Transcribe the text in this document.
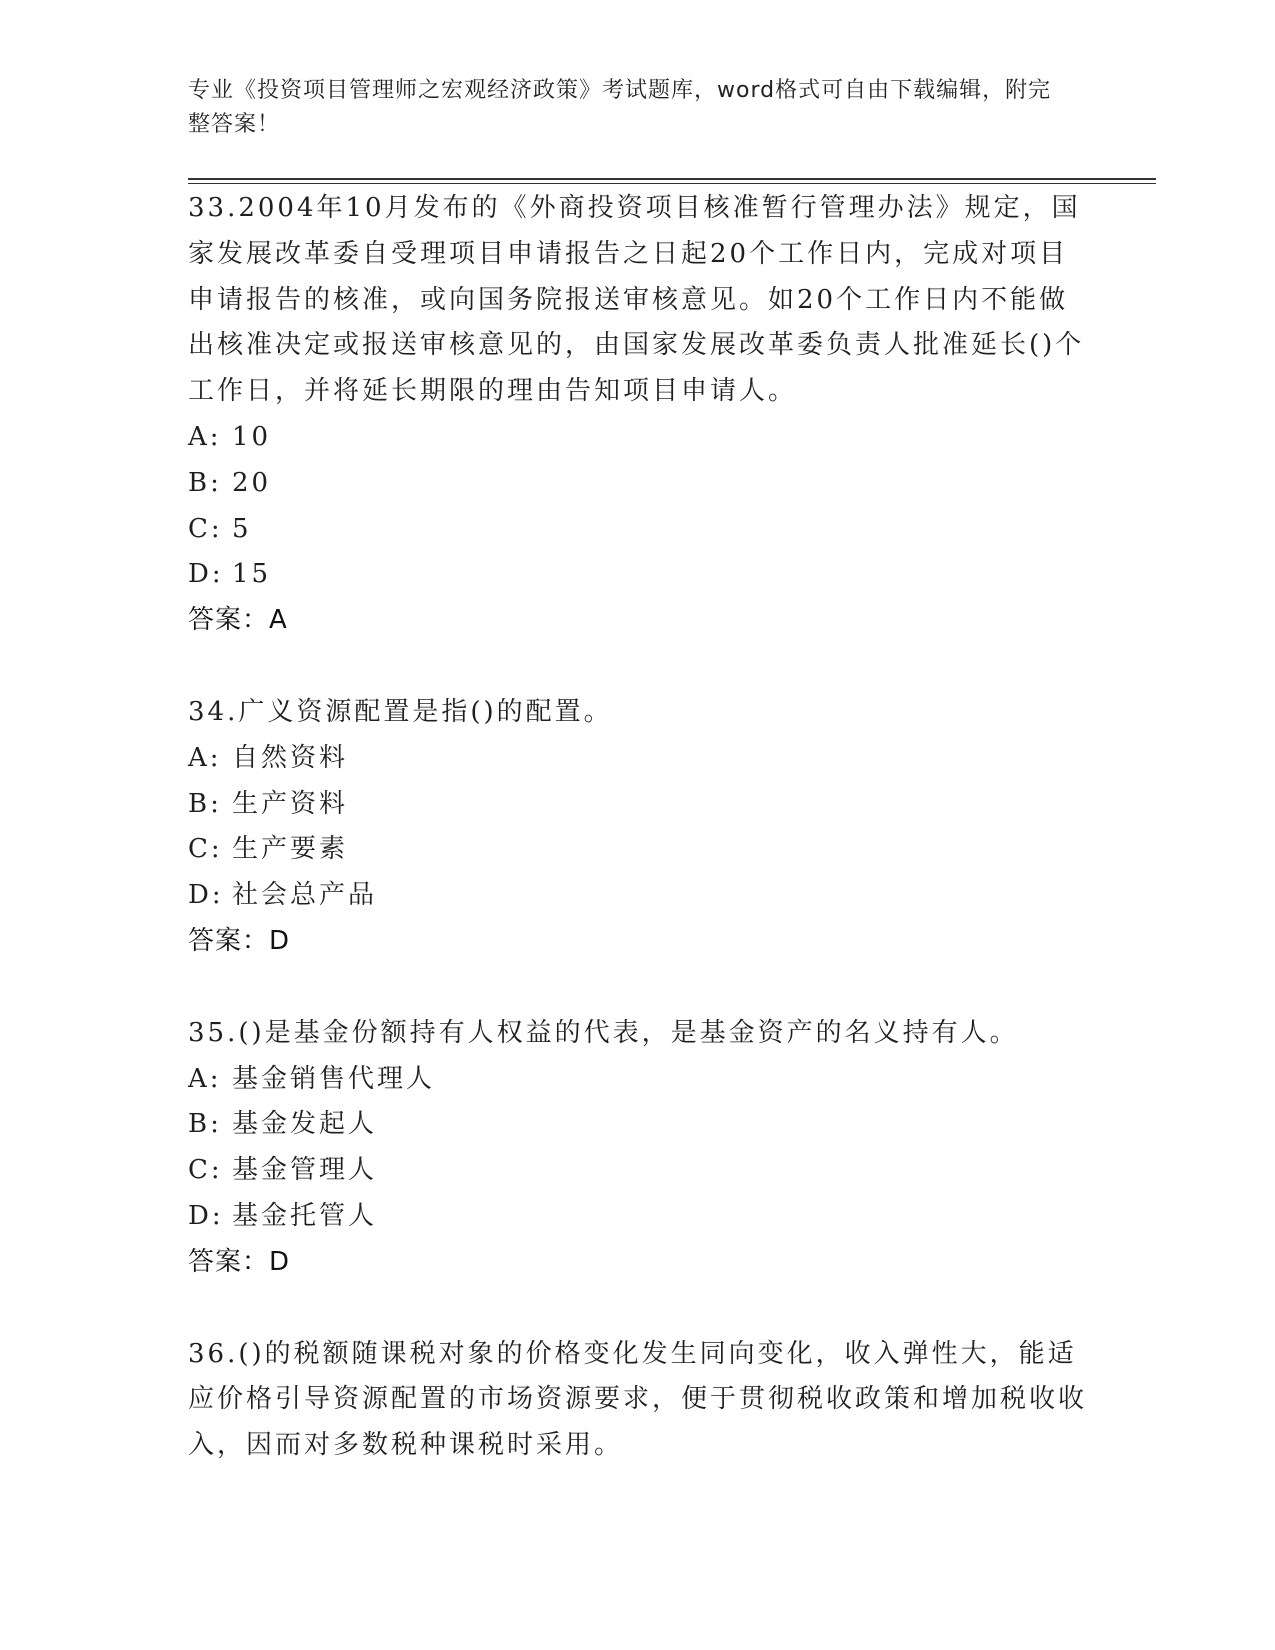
专业《投资项目管理师之宏观经济政策》考试题库，word格式可自由下载编辑，附完整答案！
33.2004年10月发布的《外商投资项目核准暂行管理办法》规定，国家发展改革委自受理项目申请报告之日起20个工作日内，完成对项目申请报告的核准，或向国务院报送审核意见。如20个工作日内不能做出核准决定或报送审核意见的，由国家发展改革委负责人批准延长()个工作日，并将延长期限的理由告知项目申请人。
A: 10
B: 20
C: 5
D: 15
答案：A
34.广义资源配置是指()的配置。
A: 自然资料
B: 生产资料
C: 生产要素
D: 社会总产品
答案：D
35.()是基金份额持有人权益的代表，是基金资产的名义持有人。
A: 基金销售代理人
B: 基金发起人
C: 基金管理人
D: 基金托管人
答案：D
36.()的税额随课税对象的价格变化发生同向变化，收入弹性大，能适应价格引导资源配置的市场资源要求，便于贯彻税收政策和增加税收收入，因而对多数税种课税时采用。
